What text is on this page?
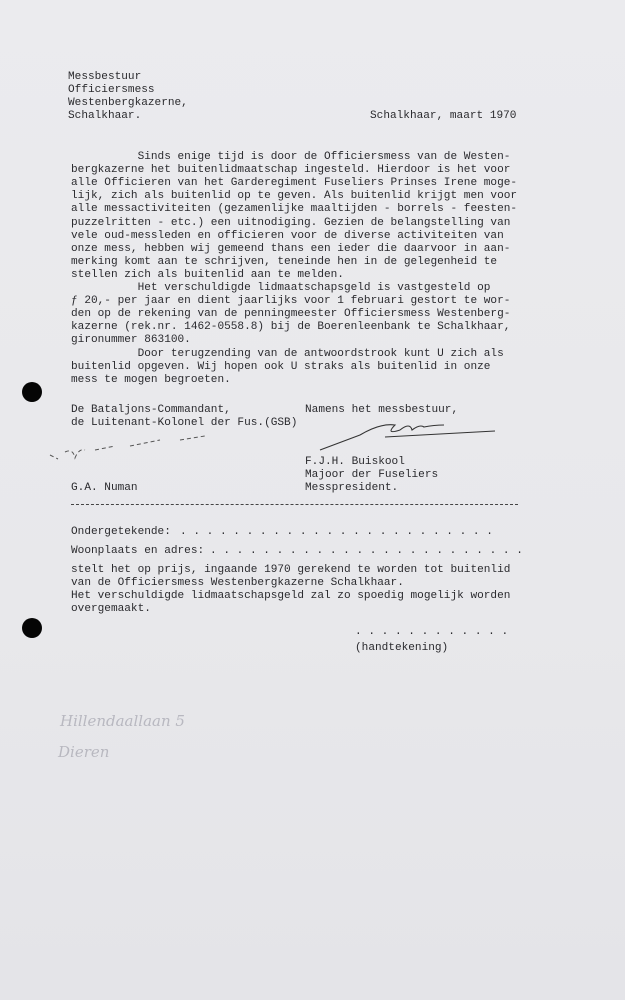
Messbestuur
Officiersmess
Westenbergkazerne,
Schalkhaar.	Schalkhaar, maart 1970
Sinds enige tijd is door de Officiersmess van de Westen-
bergkazerne het buitenlidmaatschap ingesteld. Hierdoor is het voor
alle Officieren van het Garderegiment Fuseliers Prinses Irene moge-
lijk, zich als buitenlid op te geven. Als buitenlid krijgt men voor
alle messactiviteiten (gezamenlijke maaltijden - borrels - feesten-
puzzelritten - etc.) een uitnodiging. Gezien de belangstelling van
vele oud-messleden en officieren voor de diverse activiteiten van
onze mess, hebben wij gemeend thans een ieder die daarvoor in aan-
merking komt aan te schrijven, teneinde hen in de gelegenheid te
stellen zich als buitenlid aan te melden.
Het verschuldigde lidmaatschapsgeld is vastgesteld op
ƒ 20,- per jaar en dient jaarlijks voor 1 februari gestort te wor-
den op de rekening van de penningmeester Officiersmess Westenberg-
kazerne (rek.nr. 1462-0558.8) bij de Boerenleenbank te Schalkhaar,
gironummer 863100.
Door terugzending van de antwoordstrook kunt U zich als
buitenlid opgeven. Wij hopen ook U straks als buitenlid in onze
mess te mogen begroeten.
De Bataljons-Commandant,
de Luitenant-Kolonel der Fus.(GSB)
G.A. Numan
Namens het messbestuur,
F.J.H. Buiskool
Majoor der Fuseliers
Messpresident.
Ondergetekende: . . . . . . . . . . . . . . . . . . . . . . . .
Woonplaats en adres: . . . . . . . . . . . . . . . . . . . . . . . .
stelt het op prijs, ingaande 1970 gerekend te worden tot buitenlid
van de Officiersmess Westenbergkazerne Schalkhaar.
Het verschuldigde lidmaatschapsgeld zal zo spoedig mogelijk worden
overgemaakt.
. . . . . . . . . . . .
(handtekening)
Hillendaallaan 5
Dieren
